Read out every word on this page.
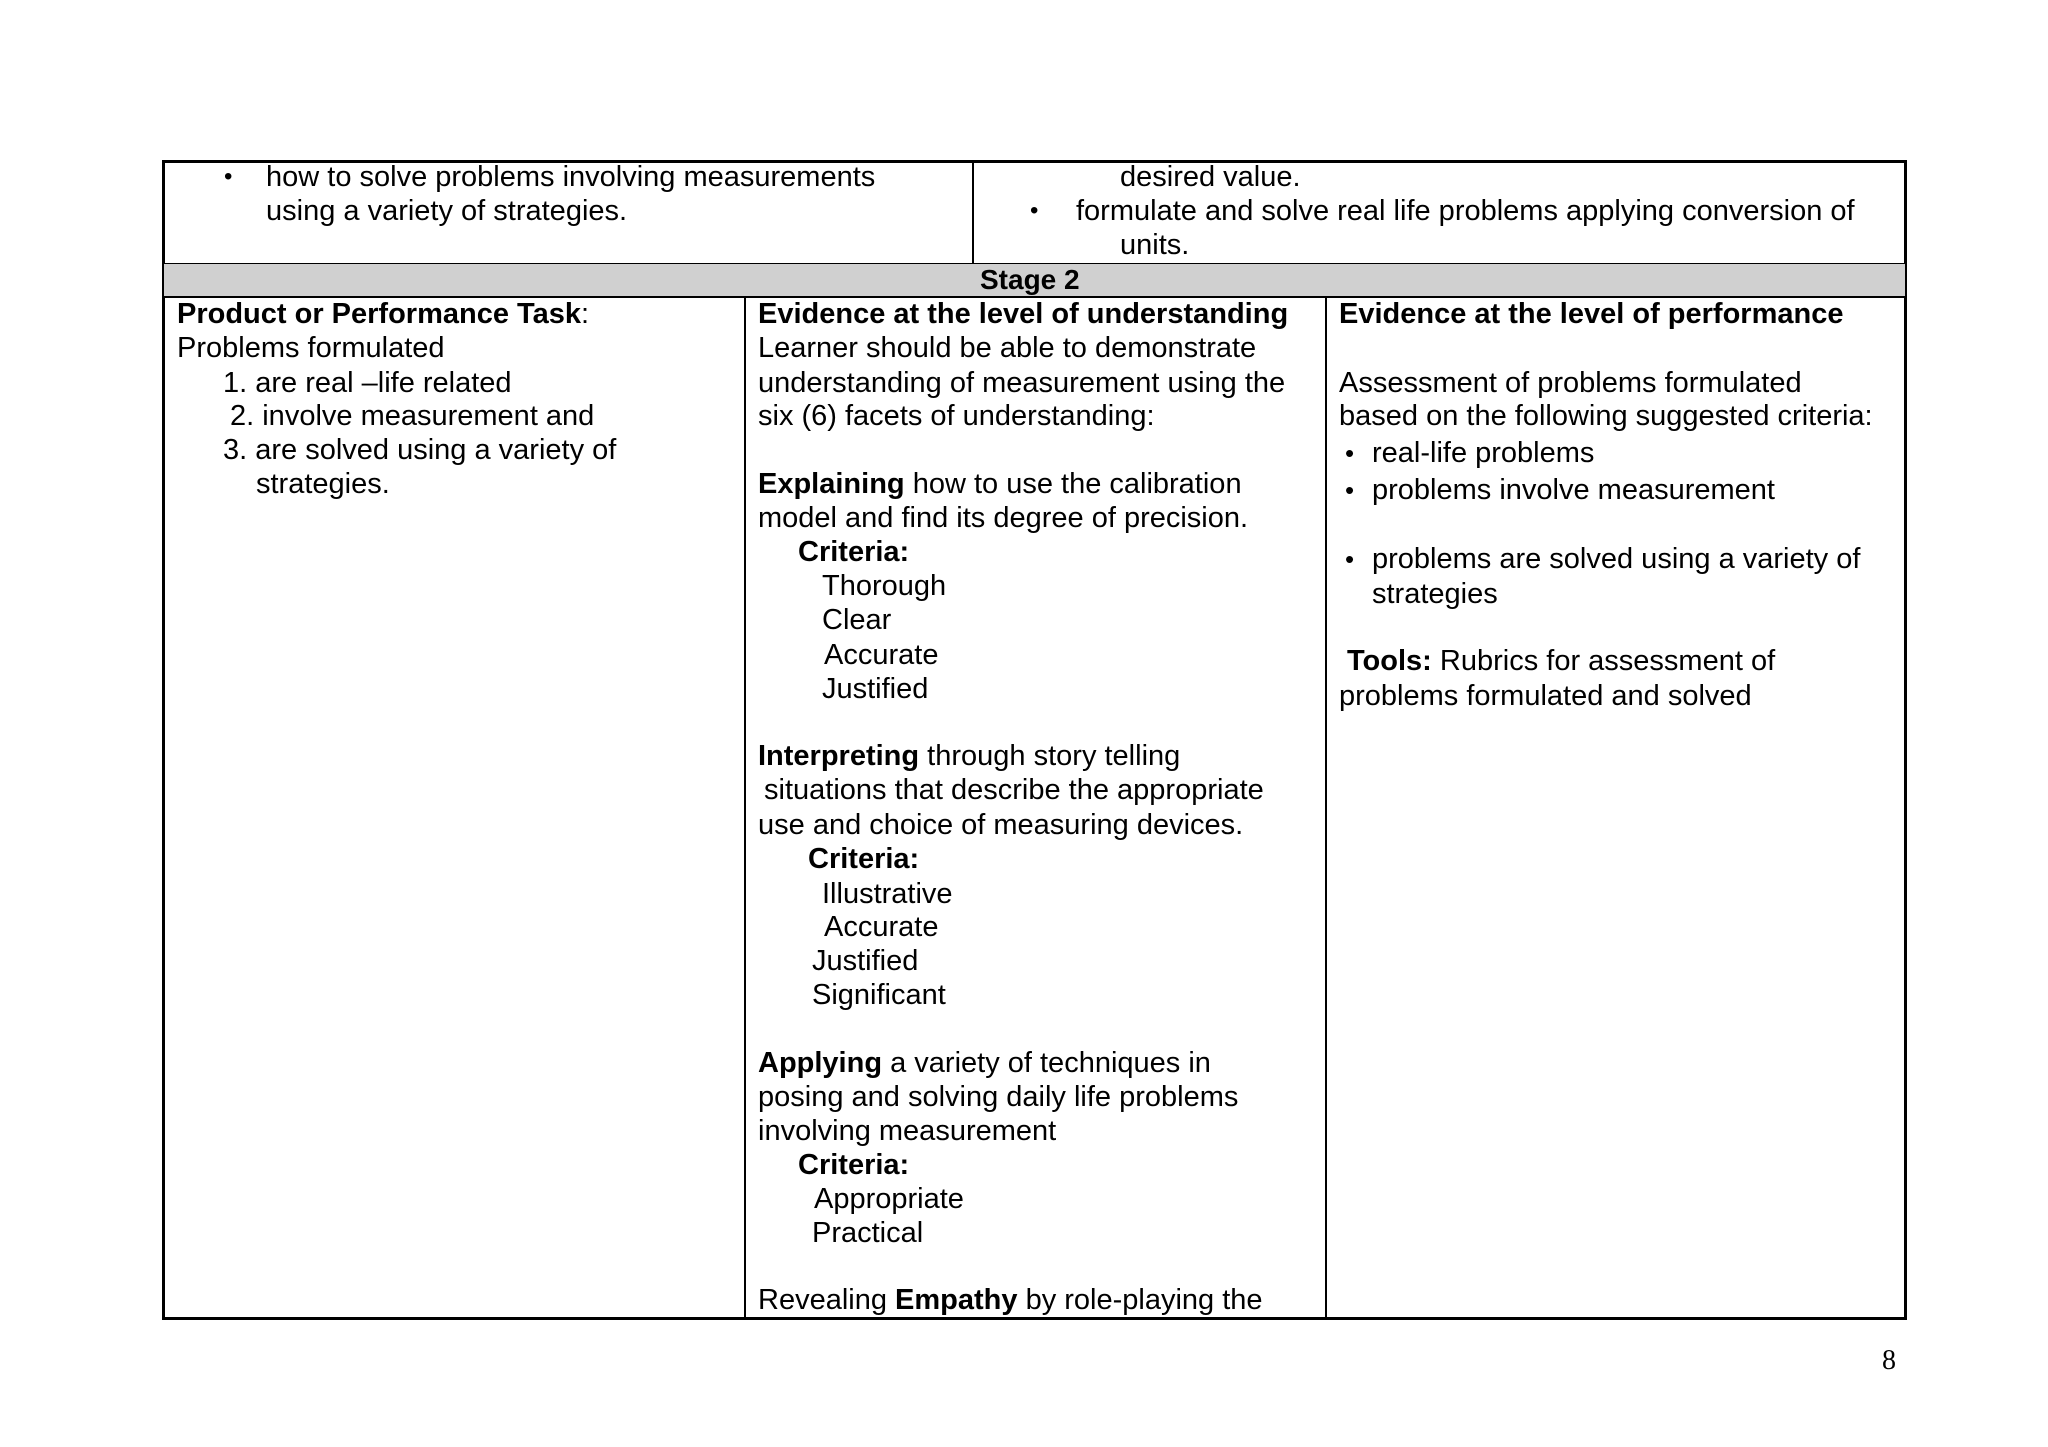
• how to solve problems involving measurements
using a variety of strategies.
desired value.
• formulate and solve real life problems applying conversion of
units.
Stage 2
Product or Performance Task:
Problems formulated
1. are real –life related
2. involve measurement and
3. are solved using a variety of
strategies.
Evidence at the level of understanding
Learner should be able to demonstrate
understanding of measurement using the
six (6) facets of understanding:
Explaining how to use the calibration
model and find its degree of precision.
Criteria:
Thorough
Clear
Accurate
Justified
Interpreting through story telling
situations that describe the appropriate
use and choice of measuring devices.
Criteria:
Illustrative
Accurate
Justified
Significant
Applying a variety of techniques in
posing and solving daily life problems
involving measurement
Criteria:
Appropriate
Practical
Revealing Empathy by role-playing the
Evidence at the level of performance
Assessment of problems formulated
based on the following suggested criteria:
• real-life problems
• problems involve measurement
• problems are solved using a variety of
strategies
Tools: Rubrics for assessment of
problems formulated and solved
8
